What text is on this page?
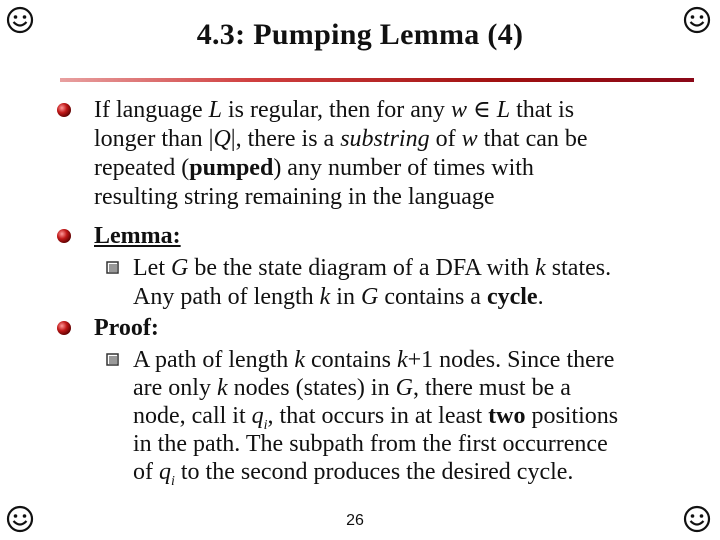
4.3: Pumping Lemma (4)
If language L is regular, then for any w ∈ L that is
longer than |Q|, there is a substring of w that can be
repeated (pumped) any number of times with
resulting string remaining in the language
Lemma:
Let G be the state diagram of a DFA with k states.
Any path of length k in G contains a cycle.
Proof:
A path of length k contains k+1 nodes. Since there
are only k nodes (states) in G, there must be a
node, call it $q_i$, that occurs in at least two positions
in the path. The subpath from the first occurrence
of $q_i$ to the second produces the desired cycle.
26
